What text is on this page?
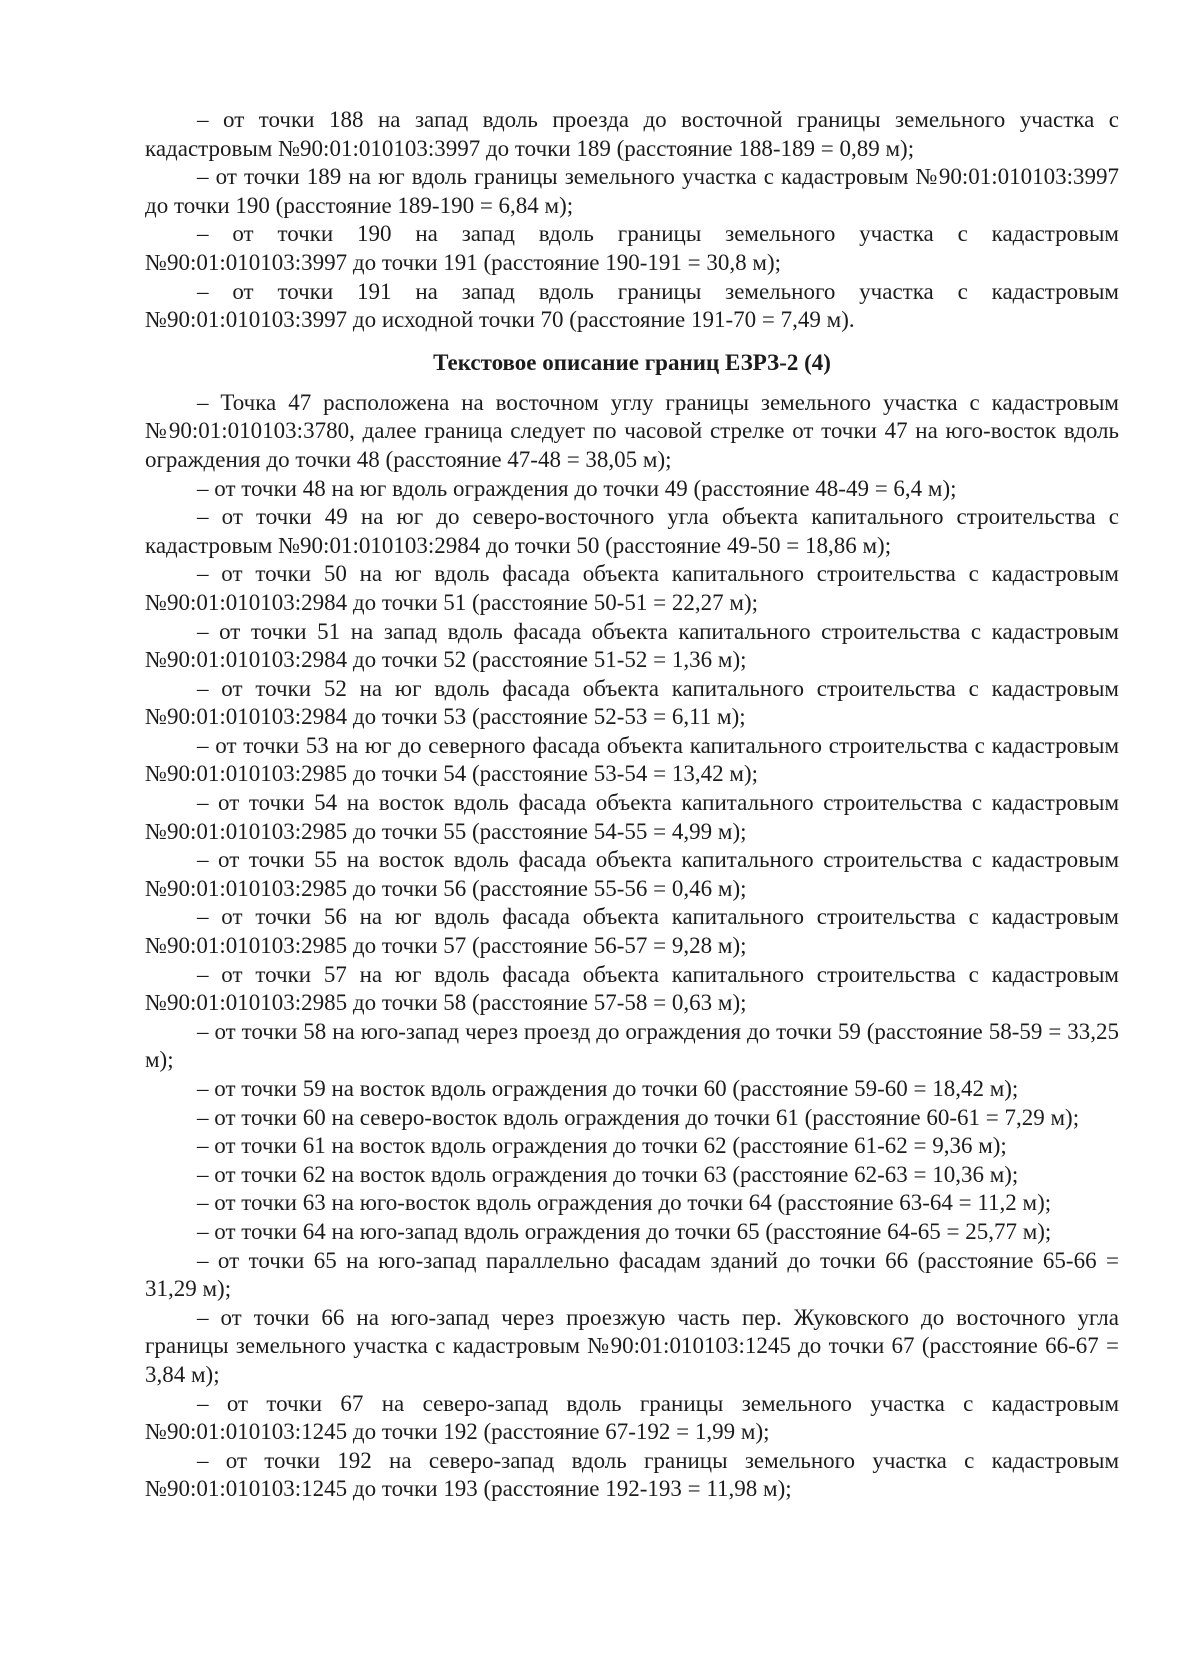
– от точки 188 на запад вдоль проезда до восточной границы земельного участка с кадастровым №90:01:010103:3997 до точки 189 (расстояние 188-189 = 0,89 м);

– от точки 189 на юг вдоль границы земельного участка с кадастровым №90:01:010103:3997 до точки 190 (расстояние 189-190 = 6,84 м);

– от точки 190 на запад вдоль границы земельного участка с кадастровым №90:01:010103:3997 до точки 191 (расстояние 190-191 = 30,8 м);

– от точки 191 на запад вдоль границы земельного участка с кадастровым №90:01:010103:3997 до исходной точки 70 (расстояние 191-70 = 7,49 м).

Текстовое описание границ ЕЗРЗ-2 (4)

– Точка 47 расположена на восточном углу границы земельного участка с кадастровым №90:01:010103:3780, далее граница следует по часовой стрелке от точки 47 на юго-восток вдоль ограждения до точки 48 (расстояние 47-48 = 38,05 м);

– от точки 48 на юг вдоль ограждения до точки 49 (расстояние 48-49 = 6,4 м);

– от точки 49 на юг до северо-восточного угла объекта капитального строительства с кадастровым №90:01:010103:2984 до точки 50 (расстояние 49-50 = 18,86 м);

– от точки 50 на юг вдоль фасада объекта капитального строительства с кадастровым №90:01:010103:2984 до точки 51 (расстояние 50-51 = 22,27 м);

– от точки 51 на запад вдоль фасада объекта капитального строительства с кадастровым №90:01:010103:2984 до точки 52 (расстояние 51-52 = 1,36 м);

– от точки 52 на юг вдоль фасада объекта капитального строительства с кадастровым №90:01:010103:2984 до точки 53 (расстояние 52-53 = 6,11 м);

– от точки 53 на юг до северного фасада объекта капитального строительства с кадастровым №90:01:010103:2985 до точки 54 (расстояние 53-54 = 13,42 м);

– от точки 54 на восток вдоль фасада объекта капитального строительства с кадастровым №90:01:010103:2985 до точки 55 (расстояние 54-55 = 4,99 м);

– от точки 55 на восток вдоль фасада объекта капитального строительства с кадастровым №90:01:010103:2985 до точки 56 (расстояние 55-56 = 0,46 м);

– от точки 56 на юг вдоль фасада объекта капитального строительства с кадастровым №90:01:010103:2985 до точки 57 (расстояние 56-57 = 9,28 м);

– от точки 57 на юг вдоль фасада объекта капитального строительства с кадастровым №90:01:010103:2985 до точки 58 (расстояние 57-58 = 0,63 м);

– от точки 58 на юго-запад через проезд до ограждения до точки 59 (расстояние 58-59 = 33,25 м);

– от точки 59 на восток вдоль ограждения до точки 60 (расстояние 59-60 = 18,42 м);

– от точки 60 на северо-восток вдоль ограждения до точки 61 (расстояние 60-61 = 7,29 м);

– от точки 61 на восток вдоль ограждения до точки 62 (расстояние 61-62 = 9,36 м);

– от точки 62 на восток вдоль ограждения до точки 63 (расстояние 62-63 = 10,36 м);

– от точки 63 на юго-восток вдоль ограждения до точки 64 (расстояние 63-64 = 11,2 м);

– от точки 64 на юго-запад вдоль ограждения до точки 65 (расстояние 64-65 = 25,77 м);

– от точки 65 на юго-запад параллельно фасадам зданий до точки 66 (расстояние 65-66 = 31,29 м);

– от точки 66 на юго-запад через проезжую часть пер. Жуковского до восточного угла границы земельного участка с кадастровым №90:01:010103:1245 до точки 67 (расстояние 66-67 = 3,84 м);

– от точки 67 на северо-запад вдоль границы земельного участка с кадастровым №90:01:010103:1245 до точки 192 (расстояние 67-192 = 1,99 м);

– от точки 192 на северо-запад вдоль границы земельного участка с кадастровым №90:01:010103:1245 до точки 193 (расстояние 192-193 = 11,98 м);
